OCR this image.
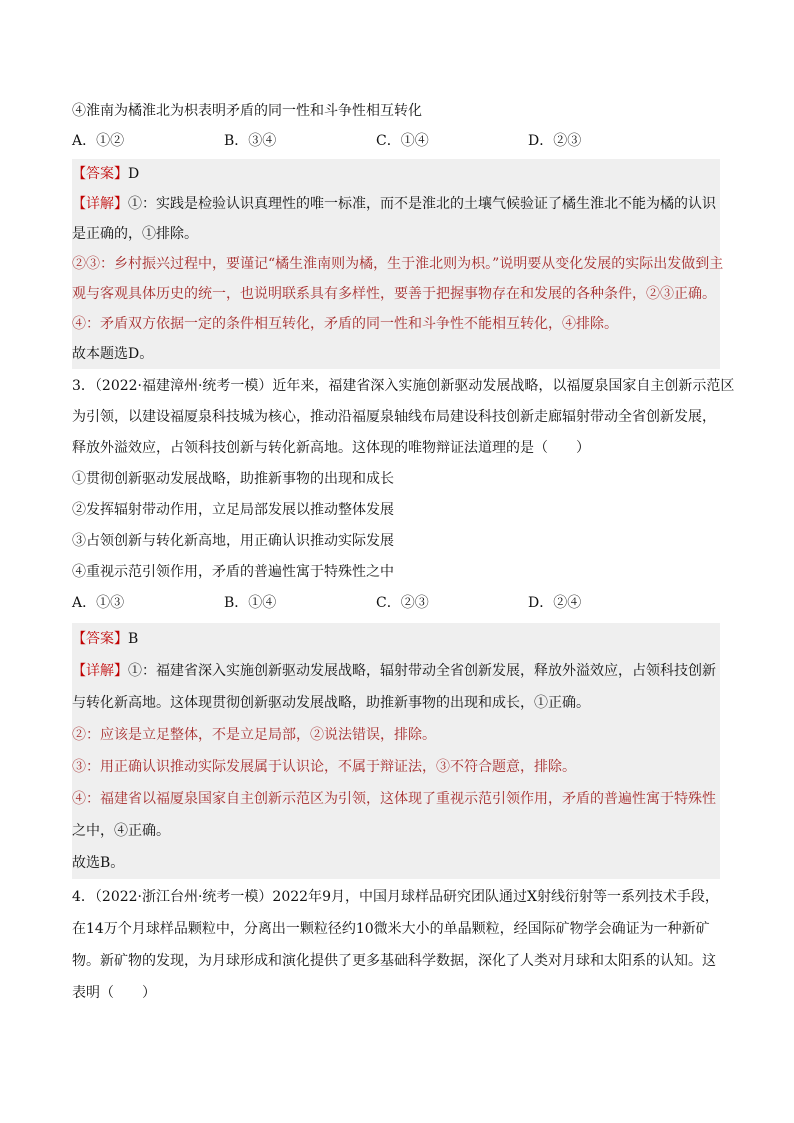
④淮南为橘淮北为枳表明矛盾的同一性和斗争性相互转化
A．①②	B．③④	C．①④	D．②③
【答案】D
【详解】①：实践是检验认识真理性的唯一标准，而不是淮北的土壤气候验证了橘生淮北不能为橘的认识
是正确的，①排除。
②③：乡村振兴过程中，要谨记“橘生淮南则为橘，生于淮北则为枳。”说明要从变化发展的实际出发做到主
观与客观具体历史的统一，也说明联系具有多样性，要善于把握事物存在和发展的各种条件，②③正确。
④：矛盾双方依据一定的条件相互转化，矛盾的同一性和斗争性不能相互转化，④排除。
故本题选D。
3．（2022·福建漳州·统考一模）近年来，福建省深入实施创新驱动发展战略，以福厦泉国家自主创新示范区
为引领，以建设福厦泉科技城为核心，推动沿福厦泉轴线布局建设科技创新走廊辐射带动全省创新发展，
释放外溢效应，占领科技创新与转化新高地。这体现的唯物辩证法道理的是（　　）
①贯彻创新驱动发展战略，助推新事物的出现和成长
②发挥辐射带动作用，立足局部发展以推动整体发展
③占领创新与转化新高地，用正确认识推动实际发展
④重视示范引领作用，矛盾的普遍性寓于特殊性之中
A．①③	B．①④	C．②③	D．②④
【答案】B
【详解】①：福建省深入实施创新驱动发展战略，辐射带动全省创新发展，释放外溢效应，占领科技创新
与转化新高地。这体现贯彻创新驱动发展战略，助推新事物的出现和成长，①正确。
②：应该是立足整体，不是立足局部，②说法错误，排除。
③：用正确认识推动实际发展属于认识论，不属于辩证法，③不符合题意，排除。
④：福建省以福厦泉国家自主创新示范区为引领，这体现了重视示范引领作用，矛盾的普遍性寓于特殊性
之中，④正确。
故选B。
4．（2022·浙江台州·统考一模）2022年9月，中国月球样品研究团队通过X射线衍射等一系列技术手段，
在14万个月球样品颗粒中，分离出一颗粒径约10微米大小的单晶颗粒，经国际矿物学会确证为一种新矿
物。新矿物的发现，为月球形成和演化提供了更多基础科学数据，深化了人类对月球和太阳系的认知。这
表明（　　）
